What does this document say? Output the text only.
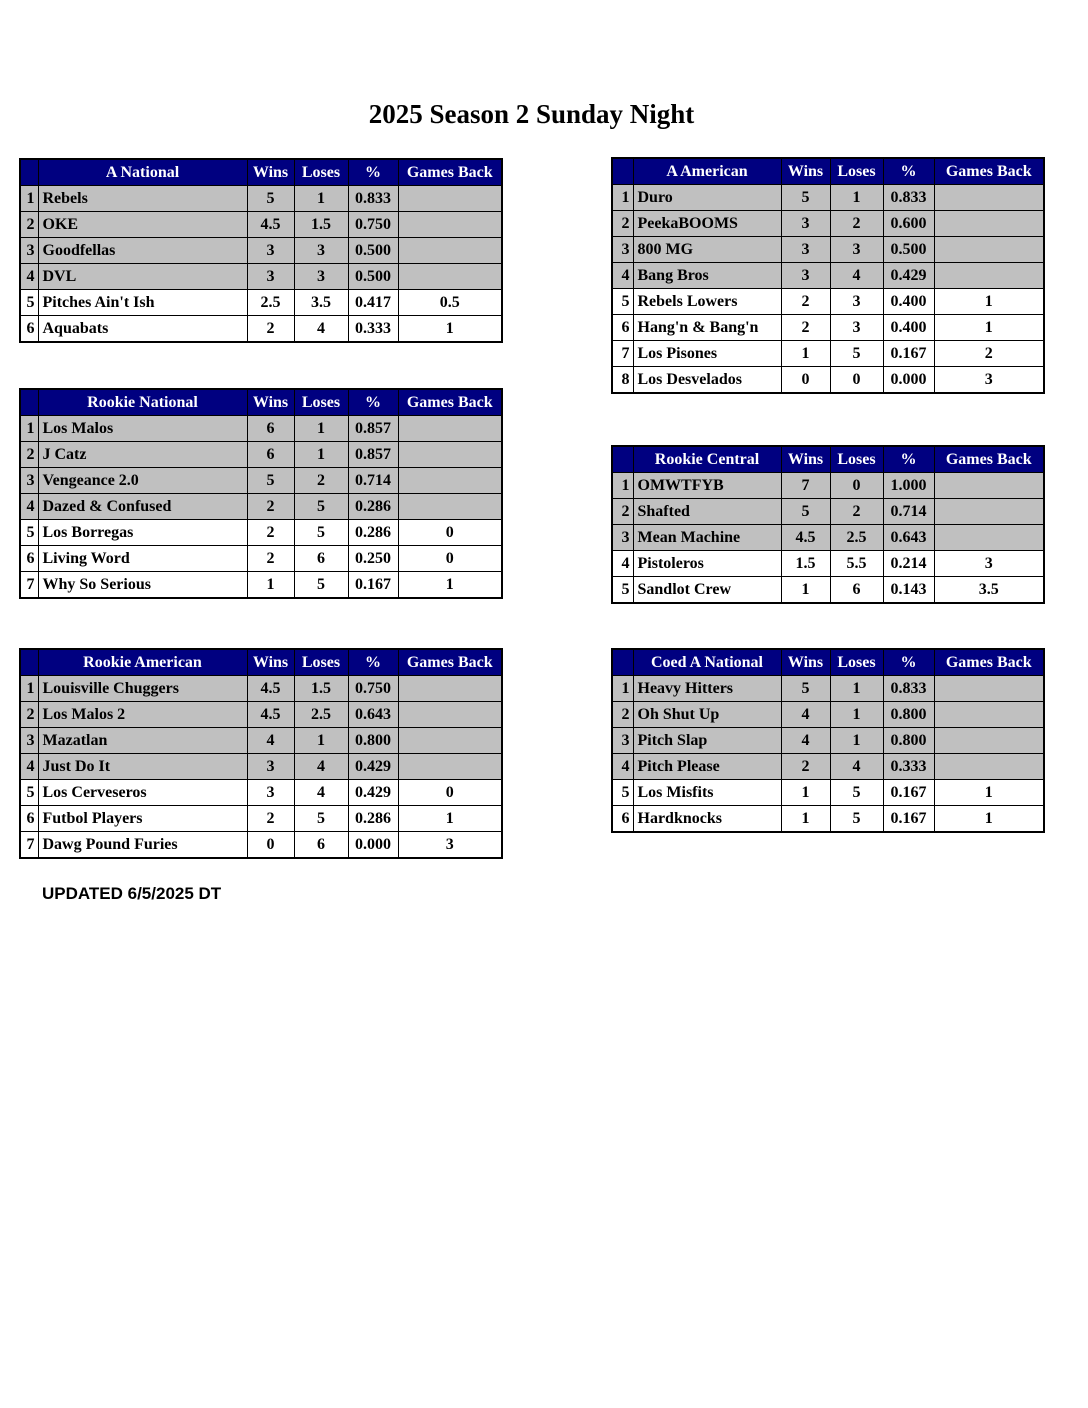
2025 Season 2 Sunday Night
	A National	Wins	Loses	%	Games Back
1	Rebels	5	1	0.833	
2	OKE	4.5	1.5	0.750	
3	Goodfellas	3	3	0.500	
4	DVL	3	3	0.500	
5	Pitches Ain't Ish	2.5	3.5	0.417	0.5
6	Aquabats	2	4	0.333	1
	A American	Wins	Loses	%	Games Back
1	Duro	5	1	0.833	
2	PeekaBOOMS	3	2	0.600	
3	800 MG	3	3	0.500	
4	Bang Bros	3	4	0.429	
5	Rebels Lowers	2	3	0.400	1
6	Hang'n & Bang'n	2	3	0.400	1
7	Los Pisones	1	5	0.167	2
8	Los Desvelados	0	0	0.000	3
	Rookie National	Wins	Loses	%	Games Back
1	Los Malos	6	1	0.857	
2	J Catz	6	1	0.857	
3	Vengeance 2.0	5	2	0.714	
4	Dazed & Confused	2	5	0.286	
5	Los Borregas	2	5	0.286	0
6	Living Word	2	6	0.250	0
7	Why So Serious	1	5	0.167	1
	Rookie Central	Wins	Loses	%	Games Back
1	OMWTFYB	7	0	1.000	
2	Shafted	5	2	0.714	
3	Mean Machine	4.5	2.5	0.643	
4	Pistoleros	1.5	5.5	0.214	3
5	Sandlot Crew	1	6	0.143	3.5
	Rookie American	Wins	Loses	%	Games Back
1	Louisville Chuggers	4.5	1.5	0.750	
2	Los Malos 2	4.5	2.5	0.643	
3	Mazatlan	4	1	0.800	
4	Just Do It	3	4	0.429	
5	Los Cerveseros	3	4	0.429	0
6	Futbol Players	2	5	0.286	1
7	Dawg Pound Furies	0	6	0.000	3
	Coed A National	Wins	Loses	%	Games Back
1	Heavy Hitters	5	1	0.833	
2	Oh Shut Up	4	1	0.800	
3	Pitch Slap	4	1	0.800	
4	Pitch Please	2	4	0.333	
5	Los Misfits	1	5	0.167	1
6	Hardknocks	1	5	0.167	1
UPDATED 6/5/2025 DT
